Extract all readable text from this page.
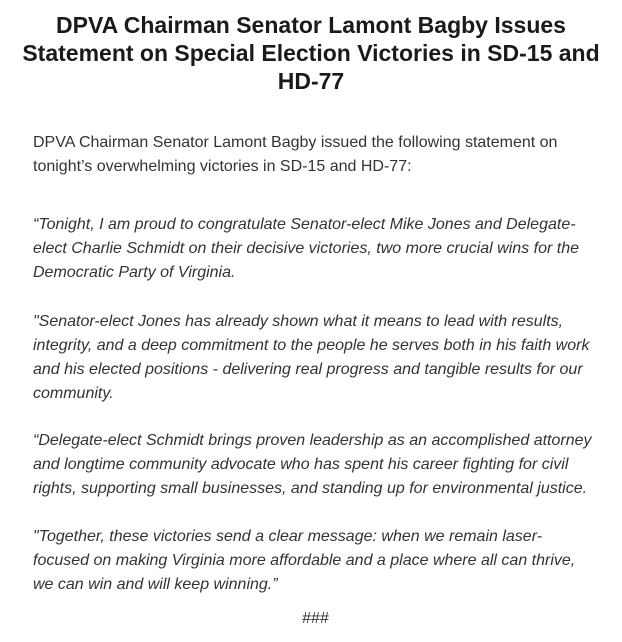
DPVA Chairman Senator Lamont Bagby Issues Statement on Special Election Victories in SD-15 and HD-77

DPVA Chairman Senator Lamont Bagby issued the following statement on tonight’s overwhelming victories in SD-15 and HD-77:

“Tonight, I am proud to congratulate Senator-elect Mike Jones and Delegate-elect Charlie Schmidt on their decisive victories, two more crucial wins for the Democratic Party of Virginia.

"Senator-elect Jones has already shown what it means to lead with results, integrity, and a deep commitment to the people he serves both in his faith work and his elected positions - delivering real progress and tangible results for our community.

“Delegate-elect Schmidt brings proven leadership as an accomplished attorney and longtime community advocate who has spent his career fighting for civil rights, supporting small businesses, and standing up for environmental justice.

"Together, these victories send a clear message: when we remain laser-focused on making Virginia more affordable and a place where all can thrive, we can win and will keep winning.”

###
